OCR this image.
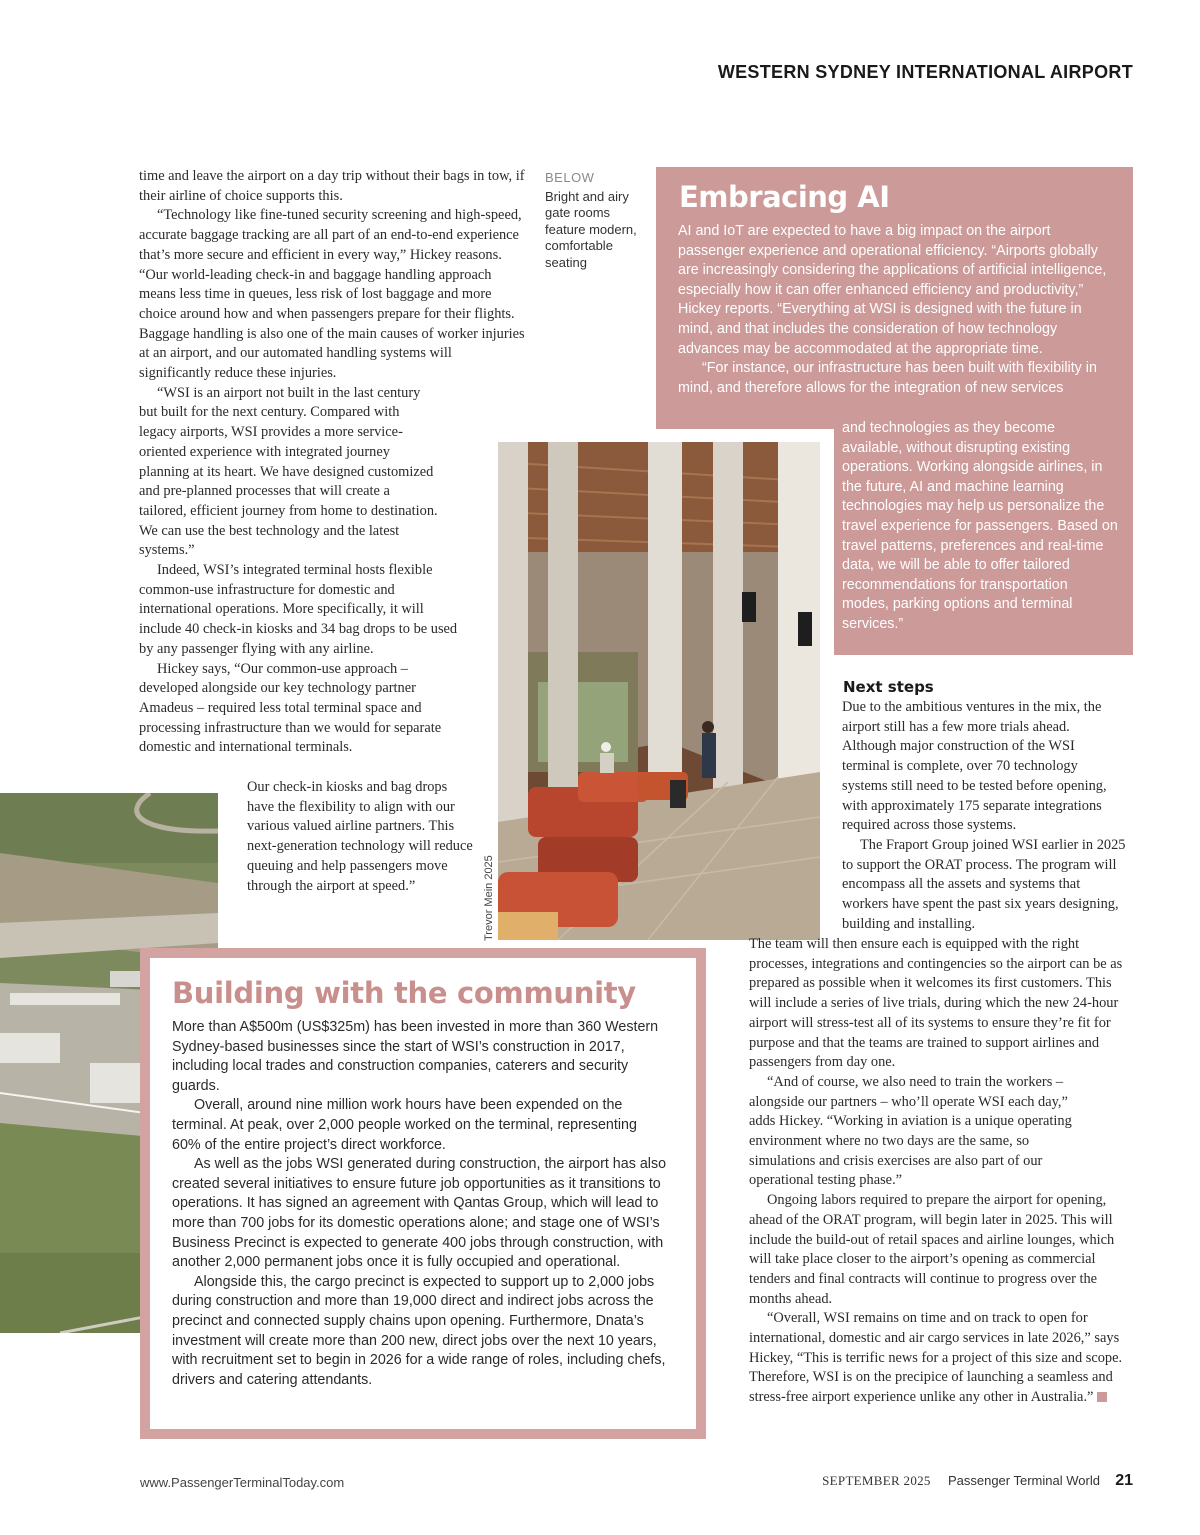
WESTERN SYDNEY INTERNATIONAL AIRPORT

time and leave the airport on a day trip without their bags in tow, if their airline of choice supports this.

“Technology like fine-tuned security screening and high-speed, accurate baggage tracking are all part of an end-to-end experience that’s more secure and efficient in every way,” Hickey reasons. “Our world-leading check-in and baggage handling approach means less time in queues, less risk of lost baggage and more choice around how and when passengers prepare for their flights. Baggage handling is also one of the main causes of worker injuries at an airport, and our automated handling systems will significantly reduce these injuries.

“WSI is an airport not built in the last century but built for the next century. Compared with legacy airports, WSI provides a more service-oriented experience with integrated journey planning at its heart. We have designed customized and pre-planned processes that will create a tailored, efficient journey from home to destination. We can use the best technology and the latest systems.”

Indeed, WSI’s integrated terminal hosts flexible common-use infrastructure for domestic and international operations. More specifically, it will include 40 check-in kiosks and 34 bag drops to be used by any passenger flying with any airline.

Hickey says, “Our common-use approach – developed alongside our key technology partner Amadeus – required less total terminal space and processing infrastructure than we would for separate domestic and international terminals.

Our check-in kiosks and bag drops have the flexibility to align with our various valued airline partners. This next-generation technology will reduce queuing and help passengers move through the airport at speed.”

BELOW
Bright and airy gate rooms feature modern, comfortable seating
Embracing AI

AI and IoT are expected to have a big impact on the airport passenger experience and operational efficiency. “Airports globally are increasingly considering the applications of artificial intelligence, especially how it can offer enhanced efficiency and productivity,” Hickey reports. “Everything at WSI is designed with the future in mind, and that includes the consideration of how technology advances may be accommodated at the appropriate time.

“For instance, our infrastructure has been built with flexibility in mind, and therefore allows for the integration of new services

and technologies as they become available, without disrupting existing operations. Working alongside airlines, in the future, AI and machine learning technologies may help us personalize the travel experience for passengers. Based on travel patterns, preferences and real-time data, we will be able to offer tailored recommendations for transportation modes, parking options and terminal services.”

Trevor Mein 2025
Building with the community

More than A$500m (US$325m) has been invested in more than 360 Western Sydney-based businesses since the start of WSI’s construction in 2017, including local trades and construction companies, caterers and security guards.

Overall, around nine million work hours have been expended on the terminal. At peak, over 2,000 people worked on the terminal, representing 60% of the entire project’s direct workforce.

As well as the jobs WSI generated during construction, the airport has also created several initiatives to ensure future job opportunities as it transitions to operations. It has signed an agreement with Qantas Group, which will lead to more than 700 jobs for its domestic operations alone; and stage one of WSI’s Business Precinct is expected to generate 400 jobs through construction, with another 2,000 permanent jobs once it is fully occupied and operational.

Alongside this, the cargo precinct is expected to support up to 2,000 jobs during construction and more than 19,000 direct and indirect jobs across the precinct and connected supply chains upon opening. Furthermore, Dnata’s investment will create more than 200 new, direct jobs over the next 10 years, with recruitment set to begin in 2026 for a wide range of roles, including chefs, drivers and catering attendants.

Next steps

Due to the ambitious ventures in the mix, the airport still has a few more trials ahead. Although major construction of the WSI terminal is complete, over 70 technology systems still need to be tested before opening, with approximately 175 separate integrations required across those systems.

The Fraport Group joined WSI earlier in 2025 to support the ORAT process. The program will encompass all the assets and systems that workers have spent the past six years designing, building and installing.

The team will then ensure each is equipped with the right processes, integrations and contingencies so the airport can be as prepared as possible when it welcomes its first customers. This will include a series of live trials, during which the new 24-hour airport will stress-test all of its systems to ensure they’re fit for purpose and that the teams are trained to support airlines and passengers from day one.

“And of course, we also need to train the workers – alongside our partners – who’ll operate WSI each day,” adds Hickey. “Working in aviation is a unique operating environment where no two days are the same, so simulations and crisis exercises are also part of our operational testing phase.”

Ongoing labors required to prepare the airport for opening, ahead of the ORAT program, will begin later in 2025. This will include the build-out of retail spaces and airline lounges, which will take place closer to the airport’s opening as commercial tenders and final contracts will continue to progress over the months ahead.

“Overall, WSI remains on time and on track to open for international, domestic and air cargo services in late 2026,” says Hickey, “This is terrific news for a project of this size and scope. Therefore, WSI is on the precipice of launching a seamless and stress-free airport experience unlike any other in Australia.”

www.PassengerTerminalToday.com	SEPTEMBER 2025 Passenger Terminal World 21
